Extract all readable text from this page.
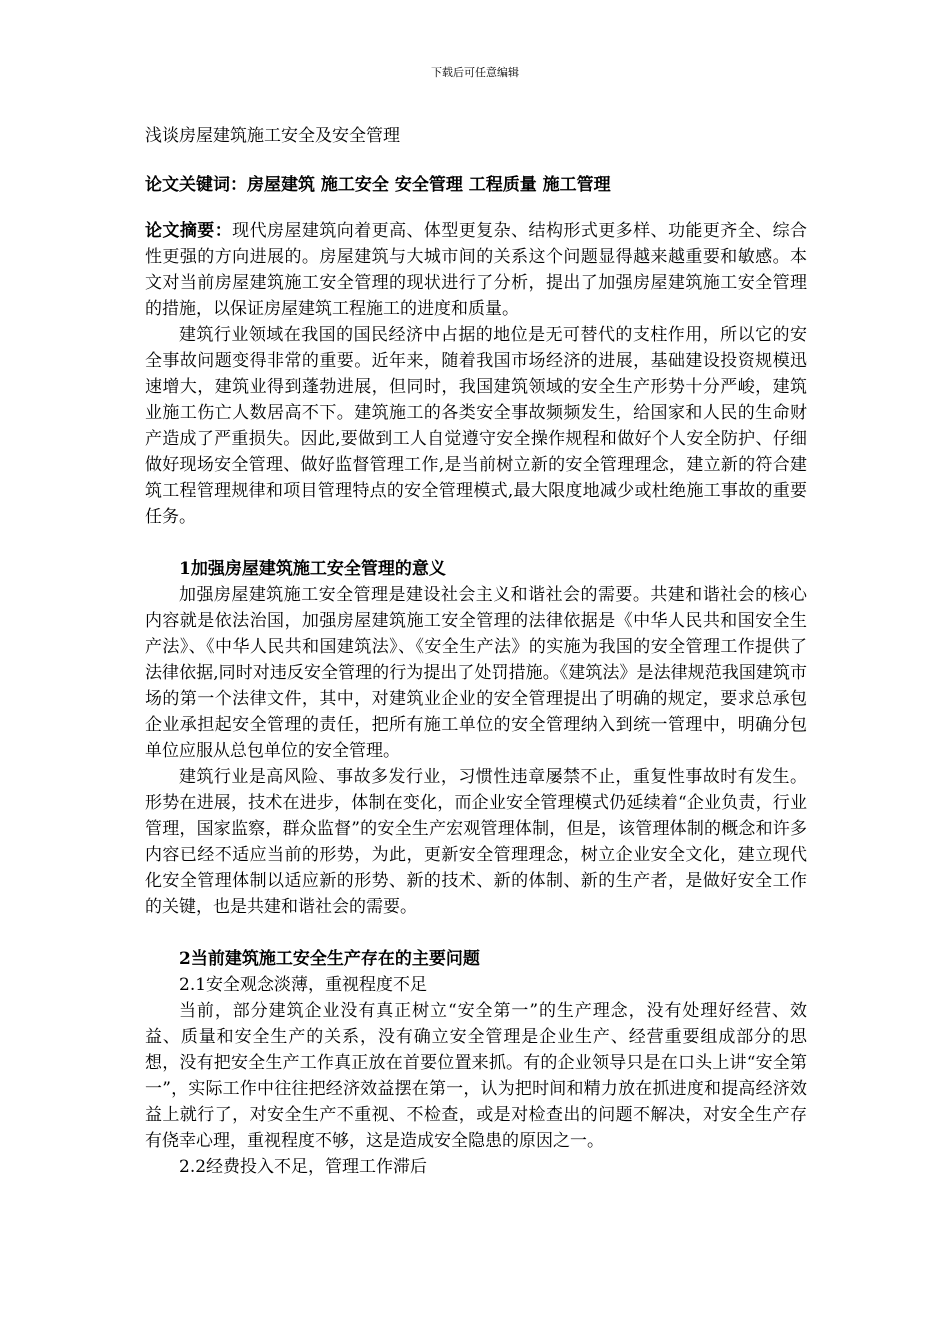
下载后可任意编辑
浅谈房屋建筑施工安全及安全管理
论文关键词：房屋建筑 施工安全 安全管理 工程质量 施工管理

论文摘要：现代房屋建筑向着更高、体型更复杂、结构形式更多样、功能更齐全、综合性更强的方向进展的。房屋建筑与大城市间的关系这个问题显得越来越重要和敏感。本文对当前房屋建筑施工安全管理的现状进行了分析，提出了加强房屋建筑施工安全管理的措施，以保证房屋建筑工程施工的进度和质量。

建筑行业领域在我国的国民经济中占据的地位是无可替代的支柱作用，所以它的安全事故问题变得非常的重要。近年来，随着我国市场经济的进展，基础建设投资规模迅速增大，建筑业得到蓬勃进展，但同时，我国建筑领域的安全生产形势十分严峻，建筑业施工伤亡人数居高不下。建筑施工的各类安全事故频频发生，给国家和人民的生命财产造成了严重损失。因此,要做到工人自觉遵守安全操作规程和做好个人安全防护、仔细做好现场安全管理、做好监督管理工作,是当前树立新的安全管理理念，建立新的符合建筑工程管理规律和项目管理特点的安全管理模式,最大限度地减少或杜绝施工事故的重要任务。

1加强房屋建筑施工安全管理的意义

加强房屋建筑施工安全管理是建设社会主义和谐社会的需要。共建和谐社会的核心内容就是依法治国，加强房屋建筑施工安全管理的法律依据是《中华人民共和国安全生产法》、《中华人民共和国建筑法》、《安全生产法》的实施为我国的安全管理工作提供了法律依据,同时对违反安全管理的行为提出了处罚措施。《建筑法》是法律规范我国建筑市场的第一个法律文件，其中，对建筑业企业的安全管理提出了明确的规定，要求总承包企业承担起安全管理的责任，把所有施工单位的安全管理纳入到统一管理中，明确分包单位应服从总包单位的安全管理。

建筑行业是高风险、事故多发行业，习惯性违章屡禁不止，重复性事故时有发生。形势在进展，技术在进步，体制在变化，而企业安全管理模式仍延续着“企业负责，行业管理，国家监察，群众监督”的安全生产宏观管理体制，但是，该管理体制的概念和许多内容已经不适应当前的形势，为此，更新安全管理理念，树立企业安全文化，建立现代化安全管理体制以适应新的形势、新的技术、新的体制、新的生产者，是做好安全工作的关键，也是共建和谐社会的需要。

2当前建筑施工安全生产存在的主要问题
2.1安全观念淡薄，重视程度不足

当前，部分建筑企业没有真正树立“安全第一”的生产理念，没有处理好经营、效益、质量和安全生产的关系，没有确立安全管理是企业生产、经营重要组成部分的思想，没有把安全生产工作真正放在首要位置来抓。有的企业领导只是在口头上讲“安全第一”，实际工作中往往把经济效益摆在第一，认为把时间和精力放在抓进度和提高经济效益上就行了，对安全生产不重视、不检查，或是对检查出的问题不解决，对安全生产存有侥幸心理，重视程度不够，这是造成安全隐患的原因之一。

2.2经费投入不足，管理工作滞后
